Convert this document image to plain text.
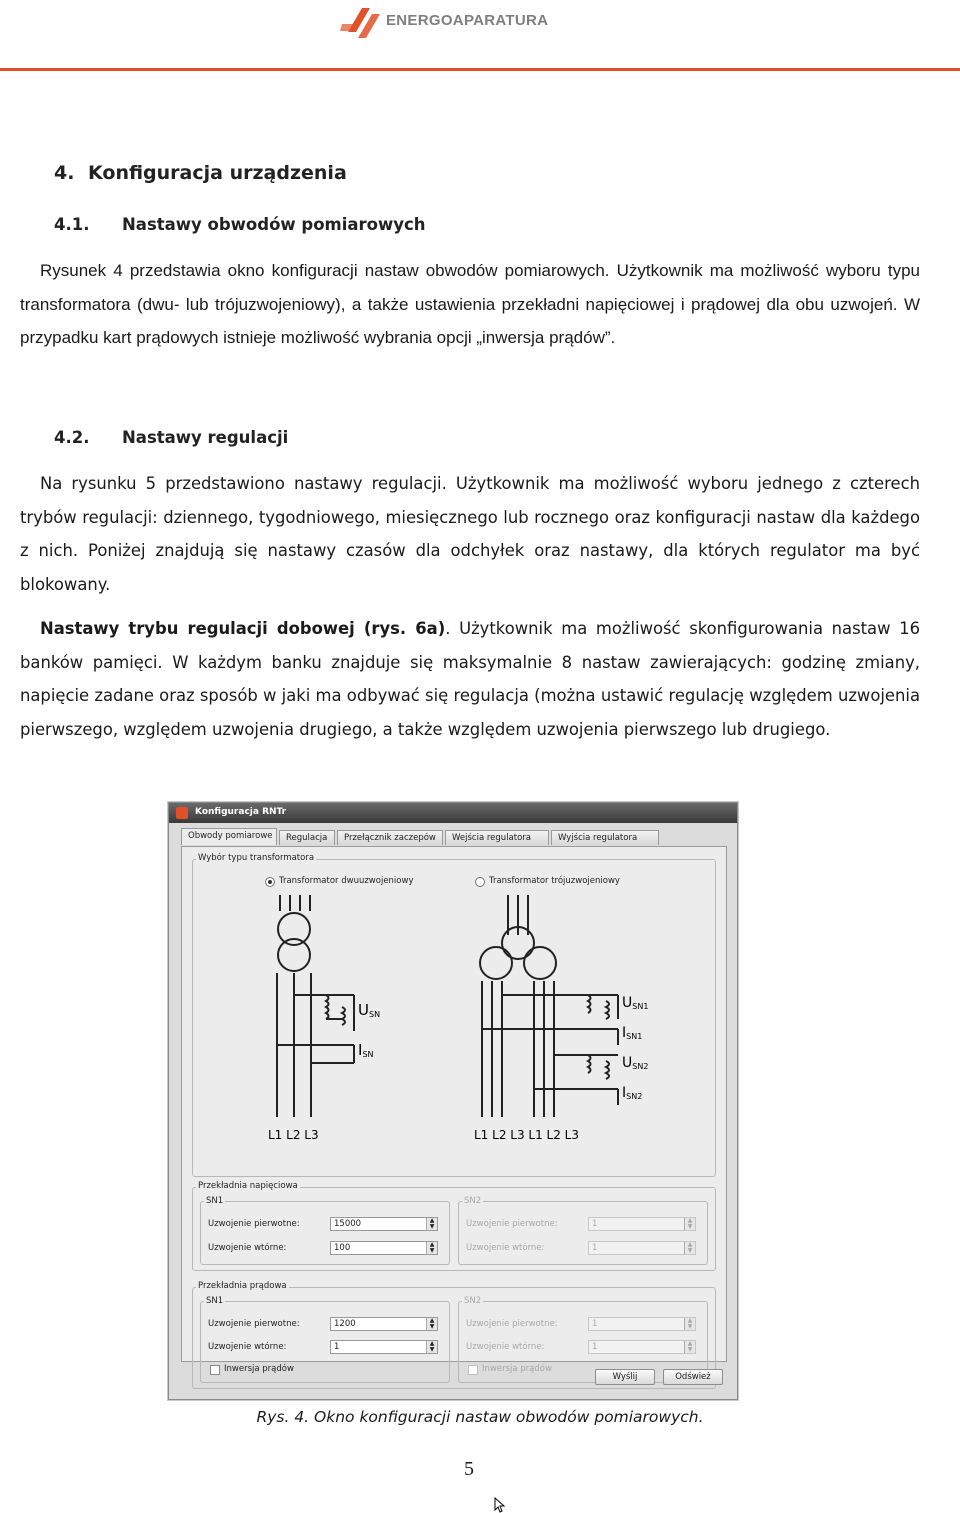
ENERGOAPARATURA
4. Konfiguracja urządzenia
4.1. Nastawy obwodów pomiarowych

Rysunek 4 przedstawia okno konfiguracji nastaw obwodów pomiarowych. Użytkownik ma możliwość wyboru typu transformatora (dwu- lub trójuzwojeniowy), a także ustawienia przekładni napięciowej i prądowej dla obu uzwojeń. W przypadku kart prądowych istnieje możliwość wybrania opcji „inwersja prądów”.

4.2. Nastawy regulacji

Na rysunku 5 przedstawiono nastawy regulacji. Użytkownik ma możliwość wyboru jednego z czterech trybów regulacji: dziennego, tygodniowego, miesięcznego lub rocznego oraz konfiguracji nastaw dla każdego z nich. Poniżej znajdują się nastawy czasów dla odchyłek oraz nastawy, dla których regulator ma być blokowany.

Nastawy trybu regulacji dobowej (rys. 6a). Użytkownik ma możliwość skonfigurowania nastaw 16 banków pamięci. W każdym banku znajduje się maksymalnie 8 nastaw zawierających: godzinę zmiany, napięcie zadane oraz sposób w jaki ma odbywać się regulacja (można ustawić regulację względem uzwojenia pierwszego, względem uzwojenia drugiego, a także względem uzwojenia pierwszego lub drugiego.

Konfiguracja RNTr
Obwody pomiarowe	Regulacja	Przełącznik zaczepów	Wejścia regulatora	Wyjścia regulatora
Wybór typu transformatora
Transformator dwuuzwojeniowy	Transformator trójuzwojeniowy
USN
ISN
L1 L2 L3
USN1
ISN1
USN2
ISN2
L1 L2 L3 L1 L2 L3
Przekładnia napięciowa
SN1
Uzwojenie pierwotne:	15000	▲
▼
Uzwojenie wtórne:	100	▲
▼
SN2
Uzwojenie pierwotne:	1	▲
▼
Uzwojenie wtórne:	1	▲
▼
Przekładnia prądowa
SN1
Uzwojenie pierwotne:	1200	▲
▼
Uzwojenie wtórne:	1	▲
▼
Inwersja prądów
SN2
Uzwojenie pierwotne:	1	▲
▼
Uzwojenie wtórne:	1	▲
▼
Inwersja prądów
Wyślij	Odśwież
Rys. 4. Okno konfiguracji nastaw obwodów pomiarowych.
5
